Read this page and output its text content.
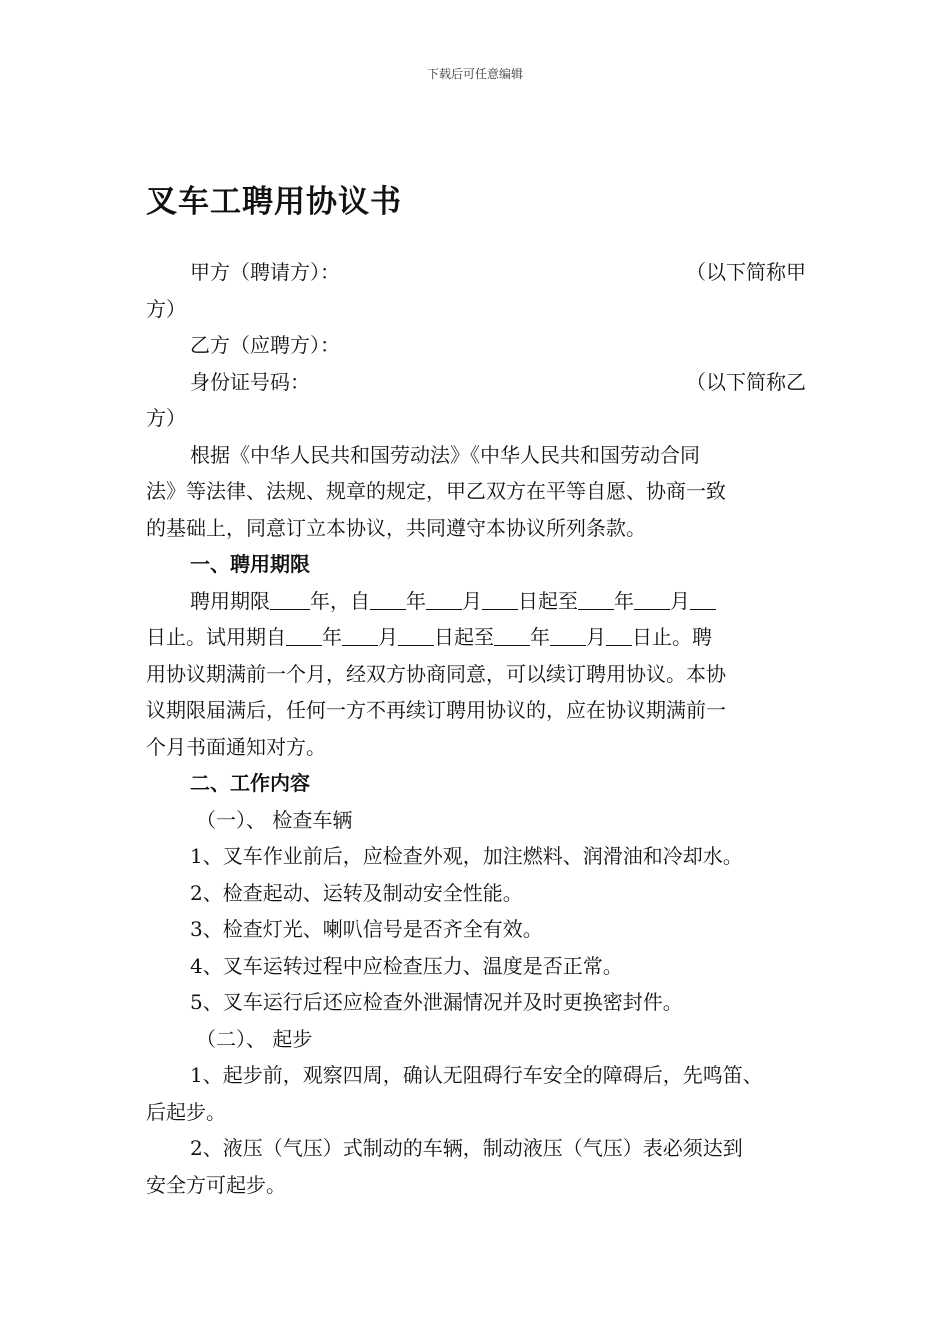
下载后可任意编辑
叉车工聘用协议书
甲方（聘请方）：	（以下简称甲
方）
乙方（应聘方）：
身份证号码：	（以下简称乙
方）
根据《中华人民共和国劳动法》《中华人民共和国劳动合同
法》等法律、法规、规章的规定，甲乙双方在平等自愿、协商一致
的基础上，同意订立本协议，共同遵守本协议所列条款。
一、聘用期限
聘用期限 年，自 年 月 日起至 年 月
日止。试用期自 年 月 日起至 年 月 日止。聘
用协议期满前一个月，经双方协商同意，可以续订聘用协议。本协
议期限届满后，任何一方不再续订聘用协议的，应在协议期满前一
个月书面通知对方。
二、工作内容
（一）、 检查车辆
1、叉车作业前后，应检查外观，加注燃料、润滑油和冷却水。
2、检查起动、运转及制动安全性能。
3、检查灯光、喇叭信号是否齐全有效。
4、叉车运转过程中应检查压力、温度是否正常。
5、叉车运行后还应检查外泄漏情况并及时更换密封件。
（二）、 起步
1、起步前，观察四周，确认无阻碍行车安全的障碍后，先鸣笛、
后起步。
2、液压（气压）式制动的车辆，制动液压（气压）表必须达到
安全方可起步。
